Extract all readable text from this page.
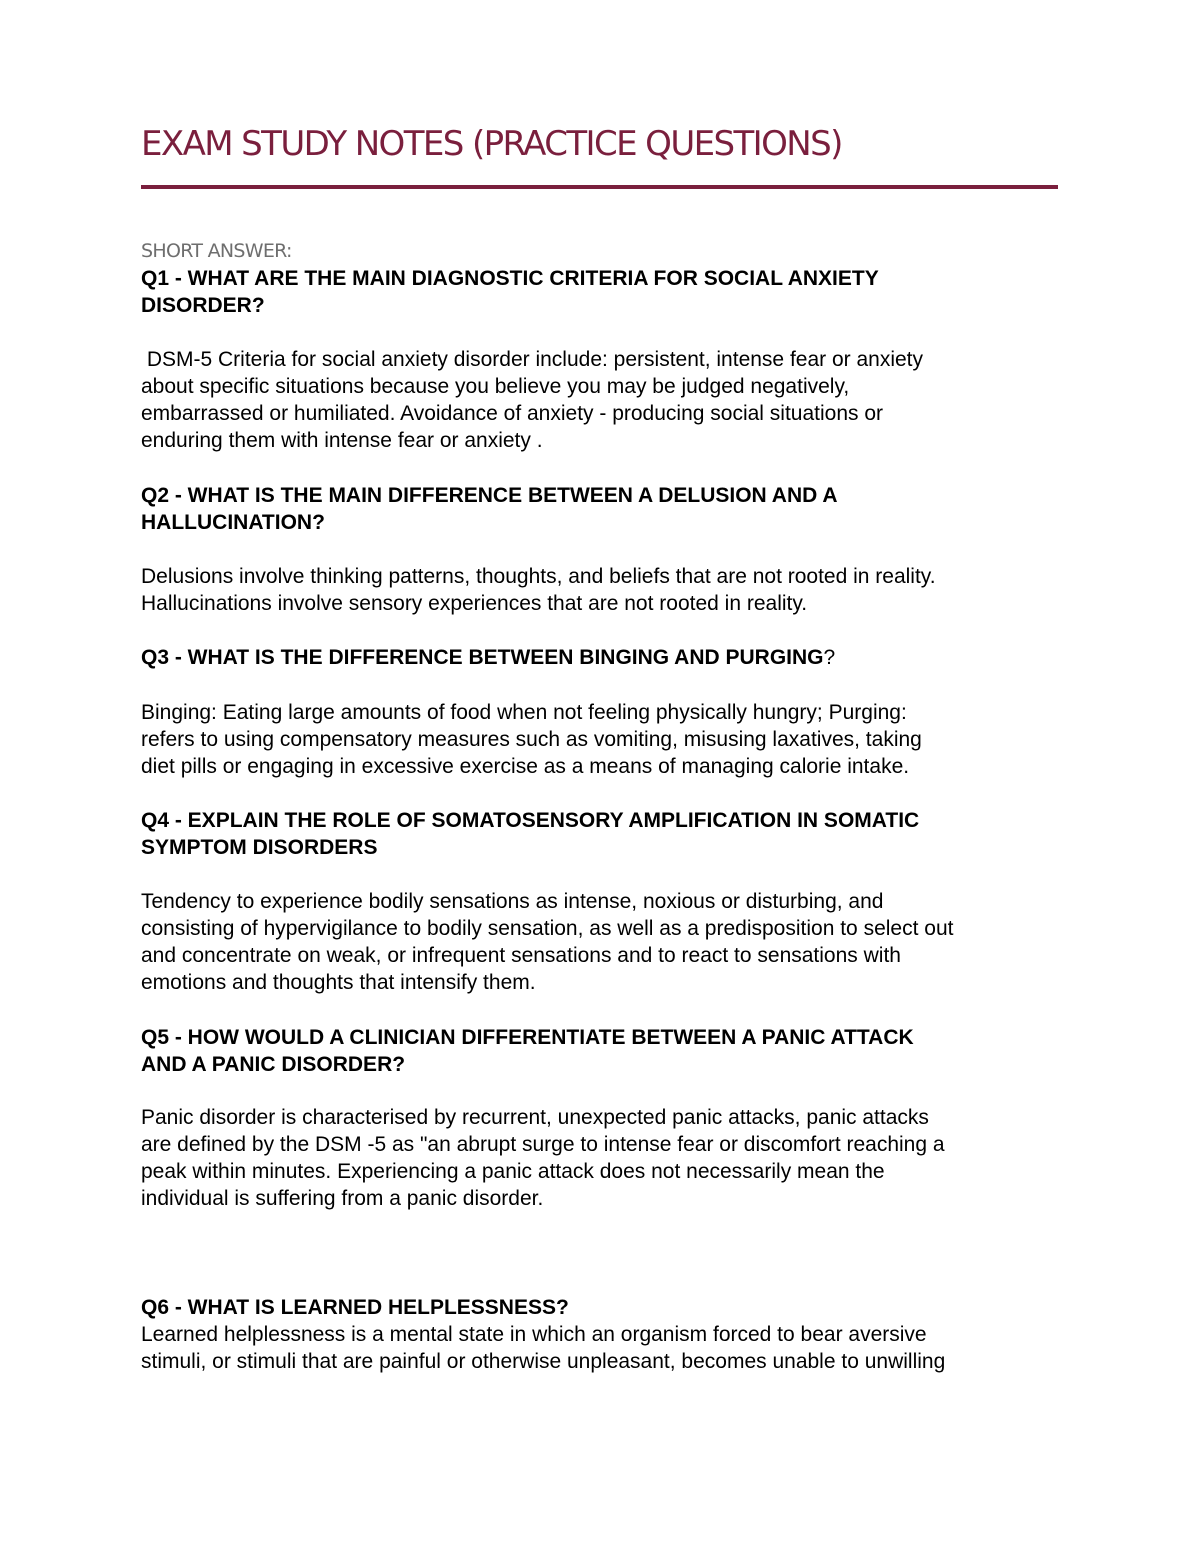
EXAM STUDY NOTES (PRACTICE QUESTIONS)
SHORT ANSWER:
Q1 - WHAT ARE THE MAIN DIAGNOSTIC CRITERIA FOR SOCIAL ANXIETY
DISORDER?
DSM-5 Criteria for social anxiety disorder include: persistent, intense fear or anxiety
about specific situations because you believe you may be judged negatively,
embarrassed or humiliated. Avoidance of anxiety - producing social situations or
enduring them with intense fear or anxiety .
Q2 - WHAT IS THE MAIN DIFFERENCE BETWEEN A DELUSION AND A
HALLUCINATION?
Delusions involve thinking patterns, thoughts, and beliefs that are not rooted in reality.
Hallucinations involve sensory experiences that are not rooted in reality.
Q3 - WHAT IS THE DIFFERENCE BETWEEN BINGING AND PURGING?
Binging: Eating large amounts of food when not feeling physically hungry; Purging:
refers to using compensatory measures such as vomiting, misusing laxatives, taking
diet pills or engaging in excessive exercise as a means of managing calorie intake.
Q4 - EXPLAIN THE ROLE OF SOMATOSENSORY AMPLIFICATION IN SOMATIC
SYMPTOM DISORDERS
Tendency to experience bodily sensations as intense, noxious or disturbing, and
consisting of hypervigilance to bodily sensation, as well as a predisposition to select out
and concentrate on weak, or infrequent sensations and to react to sensations with
emotions and thoughts that intensify them.
Q5 - HOW WOULD A CLINICIAN DIFFERENTIATE BETWEEN A PANIC ATTACK
AND A PANIC DISORDER?
Panic disorder is characterised by recurrent, unexpected panic attacks, panic attacks
are defined by the DSM -5 as "an abrupt surge to intense fear or discomfort reaching a
peak within minutes. Experiencing a panic attack does not necessarily mean the
individual is suffering from a panic disorder.
Q6 - WHAT IS LEARNED HELPLESSNESS?
Learned helplessness is a mental state in which an organism forced to bear aversive
stimuli, or stimuli that are painful or otherwise unpleasant, becomes unable to unwilling
